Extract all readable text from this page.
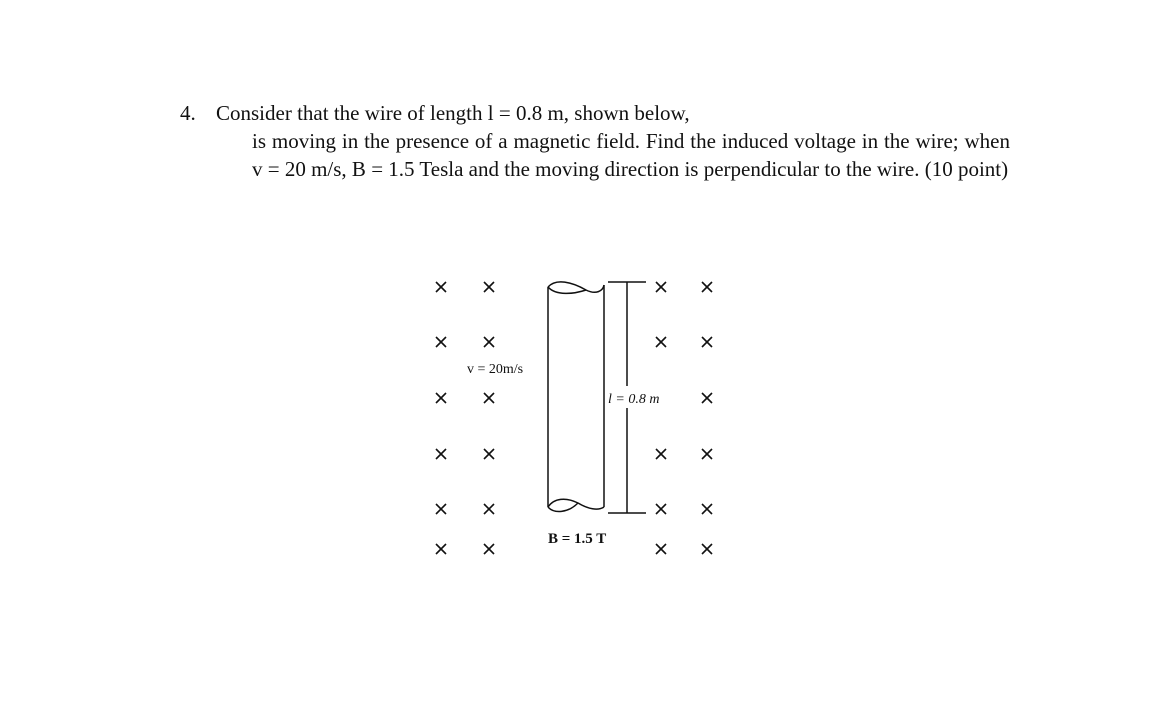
4. Consider that the wire of length l = 0.8 m, shown below,
is moving in the presence of a magnetic field. Find the induced voltage in the wire; when v = 20 m/s, B = 1.5 Tesla and the moving direction is perpendicular to the wire. (10 point)
v = 20m/s
l = 0.8 m
B = 1.5 T
